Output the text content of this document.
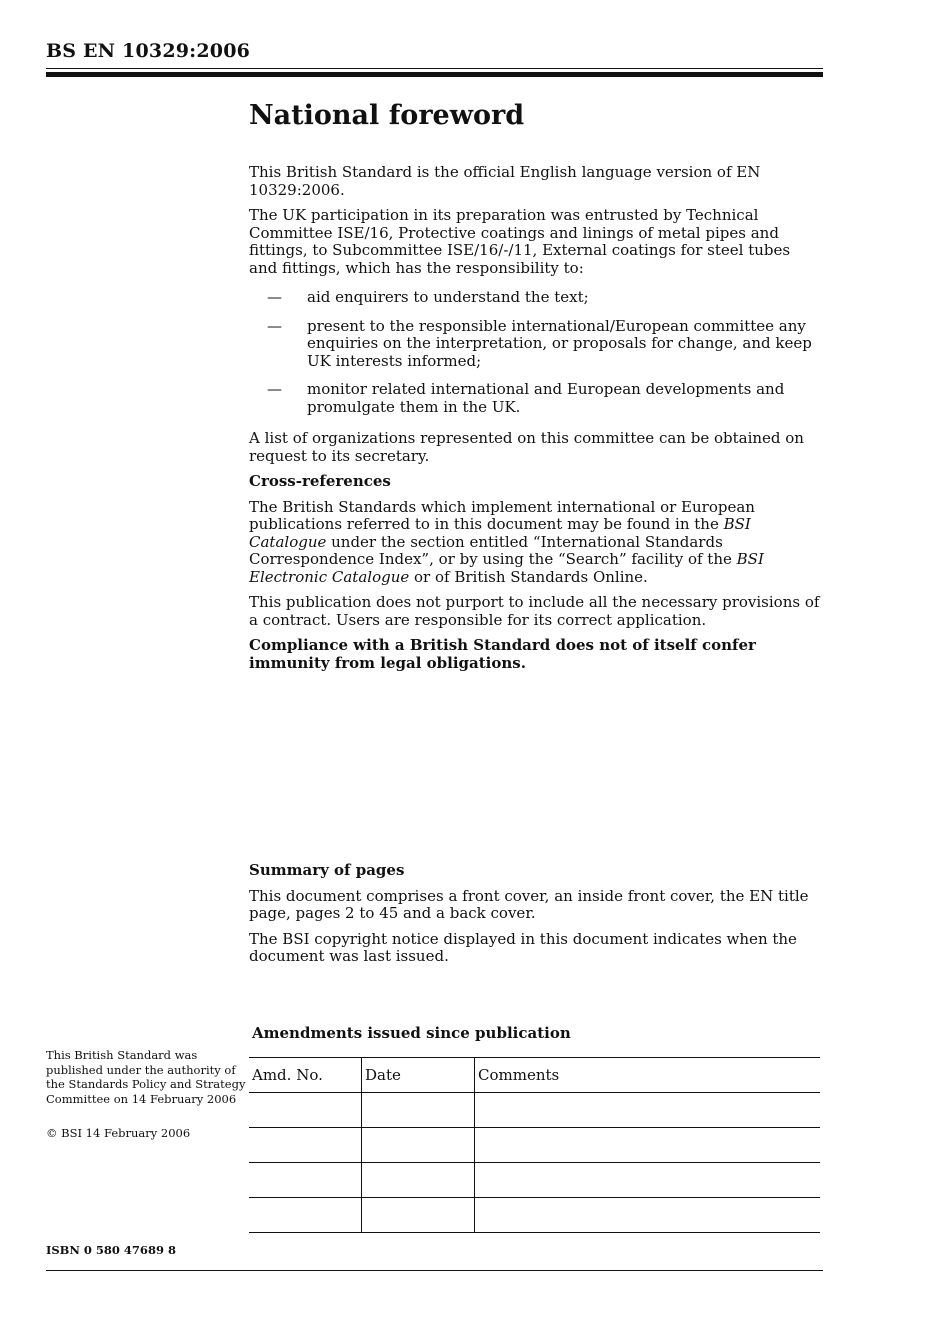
BS EN 10329:2006
National foreword

This British Standard is the official English language version of EN 10329:2006.

The UK participation in its preparation was entrusted by Technical Committee ISE/16, Protective coatings and linings of metal pipes and fittings, to Subcommittee ISE/16/-/11, External coatings for steel tubes and fittings, which has the responsibility to:

— aid enquirers to understand the text;
— present to the responsible international/European committee any enquiries on the interpretation, or proposals for change, and keep UK interests informed;
— monitor related international and European developments and promulgate them in the UK.

A list of organizations represented on this committee can be obtained on request to its secretary.

Cross-references

The British Standards which implement international or European publications referred to in this document may be found in the BSI Catalogue under the section entitled “International Standards Correspondence Index”, or by using the “Search” facility of the BSI Electronic Catalogue or of British Standards Online.

This publication does not purport to include all the necessary provisions of a contract. Users are responsible for its correct application.

Compliance with a British Standard does not of itself confer immunity from legal obligations.

Summary of pages

This document comprises a front cover, an inside front cover, the EN title page, pages 2 to 45 and a back cover.

The BSI copyright notice displayed in this document indicates when the document was last issued.

Amendments issued since publication
Amd. No.	Date	Comments

This British Standard was published under the authority of the Standards Policy and Strategy Committee on 14 February 2006

© BSI 14 February 2006

ISBN 0 580 47689 8
